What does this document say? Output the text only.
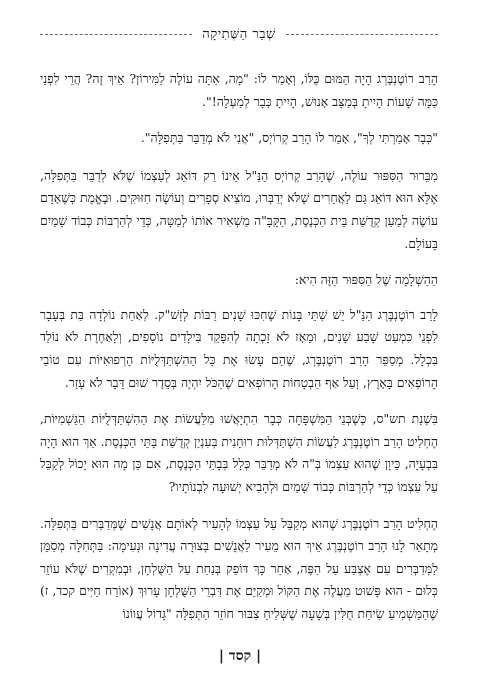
שְׁבַר הַשְּׁתִיקָה

הָרַב רוֹטֶנְבֶּרְג הָיָה הַמּוּם כֻּלּוֹ, וְאָמַר לוֹ: "מָה, אַתָּה עוֹלֶה לַמִּירוֹן? אֵיךְ זֶה? הֲרֵי לִפְנֵי כַּמָּה שָׁעוֹת הָיִיתָ בְּמַצָּב אָנוּשׁ, הָיִיתָ כְּבָר לְמַעְלָה!".

"כְּבָר אָמַרְתִּי לְךָ", אָמַר לוֹ הָרַב קְרוֹיְס, "אֲנִי לֹא מְדַבֵּר בַּתְּפִלָּה".

מִבֵּרוּר הַסִּפּוּר עוֹלֶה, שֶׁהָרַב קְרוֹיְס הַנַּ"ל אֵינוֹ רַק דּוֹאֵג לְעַצְמוֹ שֶׁלֹּא לְדַבֵּר בַּתְּפִלָּה, אֶלָּא הוּא דּוֹאֵג גַּם לַאֲחֵרִים שֶׁלֹּא יְדַבְּרוּ, מוֹצִיא סְפָרִים וְעוֹשֶׂה חִזּוּקִים. וּבֶאֱמֶת כְּשֶׁאָדָם עוֹשֶׂה לְמַעַן קְדֻשַּׁת בֵּית הַכְּנֶסֶת, הַקָּבָּ"ה מַשְׁאִיר אוֹתוֹ לְמַטָּה, כְּדֵי לְהַרְבּוֹת כְּבוֹד שָׁמַיִם בָּעוֹלָם.

הַהַשְׁלָמָה שֶׁל הַסִּפּוּר הַזֶּה הִיא:

לָרַב רוֹטֶנְבֶּרְג הַנַּ"ל יֵשׁ שְׁתֵּי בָּנוֹת שֶׁחִכּוּ שָׁנִים רַבּוֹת לְזַשׁ"ק. לְאַחַת נוֹלְדָה בַּת בְּעָבָר לִפְנֵי כִּמְעַט שָׁבַע שָׁנִים, וּמֵאָז לֹא זָכְתָה לְהִפָּקֵד בִּילָדִים נוֹסָפִים, וְלָאַחֶרֶת לֹא נוֹלַד בִּכְלָל. מְסַפֵּר הָרַב רוֹטֶנְבֶּרְג, שֶׁהֵם עָשׂוּ אֶת כָּל הַהִשְׁתַּדְּלֻיּוֹת הָרְפוּאִיּוֹת עִם טוֹבֵי הָרוֹפְאִים בָּאָרֶץ, וְעַל אַף הַבְטָחוֹת הָרוֹפְאִים שֶׁהַכֹּל יִהְיֶה בְּסֵדֶר שׁוּם דָּבָר לֹא עָזַר.

בִּשְׁנַת תש"ס, כְּשֶׁבְּנֵי הַמִּשְׁפָּחָה כְּבָר הִתְיָאֲשׁוּ מִלַּעֲשׂוֹת אֶת הַהִשְׁתַּדְּלֻיּוֹת הַגַּשְׁמִיּוֹת, הֶחְלִיט הָרַב רוֹטֶנְבֶּרְג לַעֲשׂוֹת הִשְׁתַּדְּלוּת רוּחָנִית בְּעִנְיַן קְדֻשַּׁת בָּתֵּי הַכְּנֶסֶת. אַךְ הוּא הָיָה בִּבְעָיָה, כֵּיוָן שֶׁהוּא עַצְמוֹ בְּ"ה לֹא מְדַבֵּר כְּלָל בְּבָתֵּי הַכְּנֶסֶת, אִם כֵּן מָה הוּא יָכוֹל לְקַבֵּל עַל עַצְמוֹ כְּדֵי לְהַרְבּוֹת כְּבוֹד שָׁמַיִם וּלְהָבִיא יְשׁוּעָה לִבְנוֹתָיו?

הֶחְלִיט הָרַב רוֹטֶנְבֶּרְג שֶׁהוּא מְקַבֵּל עַל עַצְמוֹ לְהָעִיר לְאוֹתָם אֲנָשִׁים שֶׁמְּדַבְּרִים בַּתְּפִלָּה. מְתָאֵר לָנוּ הָרַב רוֹטֶנְבֶּרְג אֵיךְ הוּא מֵעִיר לַאֲנָשִׁים בְּצוּרָה עֲדִינָה וּנְעִימָה: בַּתְּחִלָּה מְסַמֵּן לַמְּדַבְּרִים עִם אֶצְבַּע עַל הַפֶּה, אַחַר כָּךְ דּוֹפֵק בְּנַחַת עַל הַשֻּׁלְחָן, וּבְמִקְרִים שֶׁלֹּא עוֹזֵר כְּלוּם - הוּא פָּשׁוּט מַעֲלֶה אֶת הַקּוֹל וּמְקַיֵּם אֶת דִּבְרֵי הַשֻּׁלְחָן עָרוּךְ (אוֹרַח חַיִּים קכד, ז) שֶׁהַמַּשְׁמִיעַ שִׂיחַת חֻלִּין בְּשָׁעָה שֶׁשְּׁלִיחַ צִבּוּר חוֹזֵר הַתְּפִלָּה "גָּדוֹל עֲווֹנוֹ

| קסד |
